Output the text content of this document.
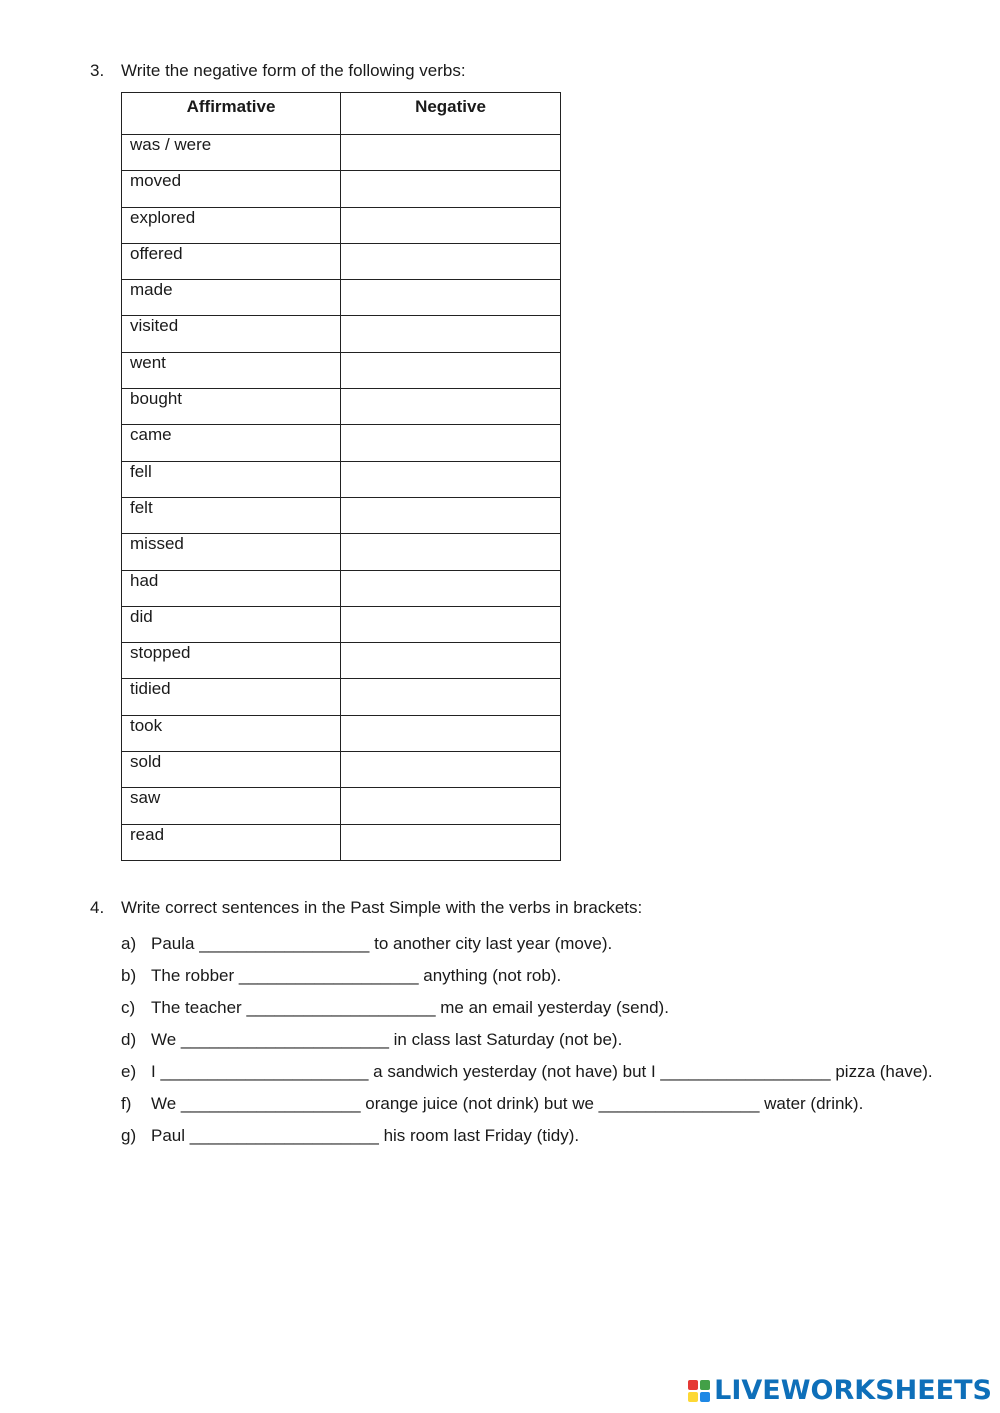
3. Write the negative form of the following verbs:
Affirmative	Negative
was / were	
moved	
explored	
offered	
made	
visited	
went	
bought	
came	
fell	
felt	
missed	
had	
did	
stopped	
tidied	
took	
sold	
saw	
read	
4. Write correct sentences in the Past Simple with the verbs in brackets:
a) Paula __________________ to another city last year (move).
b) The robber ___________________ anything (not rob).
c) The teacher ____________________ me an email yesterday (send).
d) We ______________________ in class last Saturday (not be).
e) I ______________________ a sandwich yesterday (not have) but I __________________ pizza (have).
f)	We ___________________ orange juice (not drink) but we _________________ water (drink).
g) Paul ____________________ his room last Friday (tidy).
LIVEWORKSHEETS
